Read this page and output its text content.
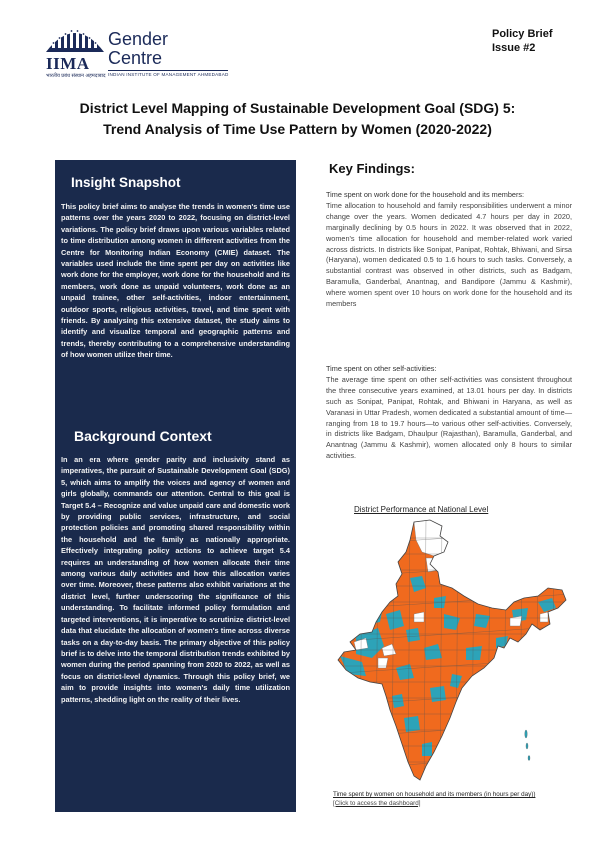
IIMA
भारतीय प्रबंध संस्थान अहमदाबाद
Gender
Centre
INDIAN INSTITUTE OF MANAGEMENT AHMEDABAD
Policy Brief
Issue #2
District Level Mapping of Sustainable Development Goal (SDG) 5:
Trend Analysis of Time Use Pattern by Women (2020-2022)
Insight Snapshot
This policy brief aims to analyse the trends in women's time use patterns over the years 2020 to 2022, focusing on district-level variations. The policy brief draws upon various variables related to time distribution among women in different activities from the Centre for Monitoring Indian Economy (CMIE) dataset. The variables used include the time spent per day on activities like work done for the employer, work done for the household and its members, work done as unpaid volunteers, work done as an unpaid trainee, other self-activities, indoor entertainment, outdoor sports, religious activities, travel, and time spent with friends. By analysing this extensive dataset, the study aims to identify and visualize temporal and geographic patterns and trends, thereby contributing to a comprehensive understanding of how women utilize their time.
Background Context
In an era where gender parity and inclusivity stand as imperatives, the pursuit of Sustainable Development Goal (SDG) 5, which aims to amplify the voices and agency of women and girls globally, commands our attention. Central to this goal is Target 5.4 – Recognize and value unpaid care and domestic work by providing public services, infrastructure, and social protection policies and promoting shared responsibility within the household and the family as nationally appropriate. Effectively integrating policy actions to achieve target 5.4 requires an understanding of how women allocate their time among various daily activities and how this allocation varies over time. Moreover, these patterns also exhibit variations at the district level, further underscoring the significance of this understanding. To facilitate informed policy formulation and targeted interventions, it is imperative to scrutinize district-level data that elucidate the allocation of women's time across diverse tasks on a day-to-day basis. The primary objective of this policy brief is to delve into the temporal distribution trends exhibited by women during the period spanning from 2020 to 2022, as well as focus on district-level dynamics. Through this policy brief, we aim to provide insights into women's daily time utilization patterns, shedding light on the reality of their lives.
Key Findings:
Time spent on work done for the household and its members:
Time allocation to household and family responsibilities underwent a minor change over the years. Women dedicated 4.7 hours per day in 2020, marginally declining by 0.5 hours in 2022. It was observed that in 2022, women's time allocation for household and member-related work varied across districts. In districts like Sonipat, Panipat, Rohtak, Bhiwani, and Sirsa (Haryana), women dedicated 0.5 to 1.6 hours to such tasks. Conversely, a substantial contrast was observed in other districts, such as Badgam, Baramulla, Ganderbal, Anantnag, and Bandipore (Jammu & Kashmir), where women spent over 10 hours on work done for the household and its members
Time spent on other self-activities:
The average time spent on other self-activities was consistent throughout the three consecutive years examined, at 13.01 hours per day. In districts such as Sonipat, Panipat, Rohtak, and Bhiwani in Haryana, as well as Varanasi in Uttar Pradesh, women dedicated a substantial amount of time—ranging from 18 to 19.7 hours—to various other self-activities. Conversely, in districts like Badgam, Dhaulpur (Rajasthan), Baramulla, Ganderbal, and Anantnag (Jammu & Kashmir), women allocated only 8 hours to similar activities.
District Performance at National Level
Time spent by women on household and its members (in hours per day))
[Click to access the dashboard]
